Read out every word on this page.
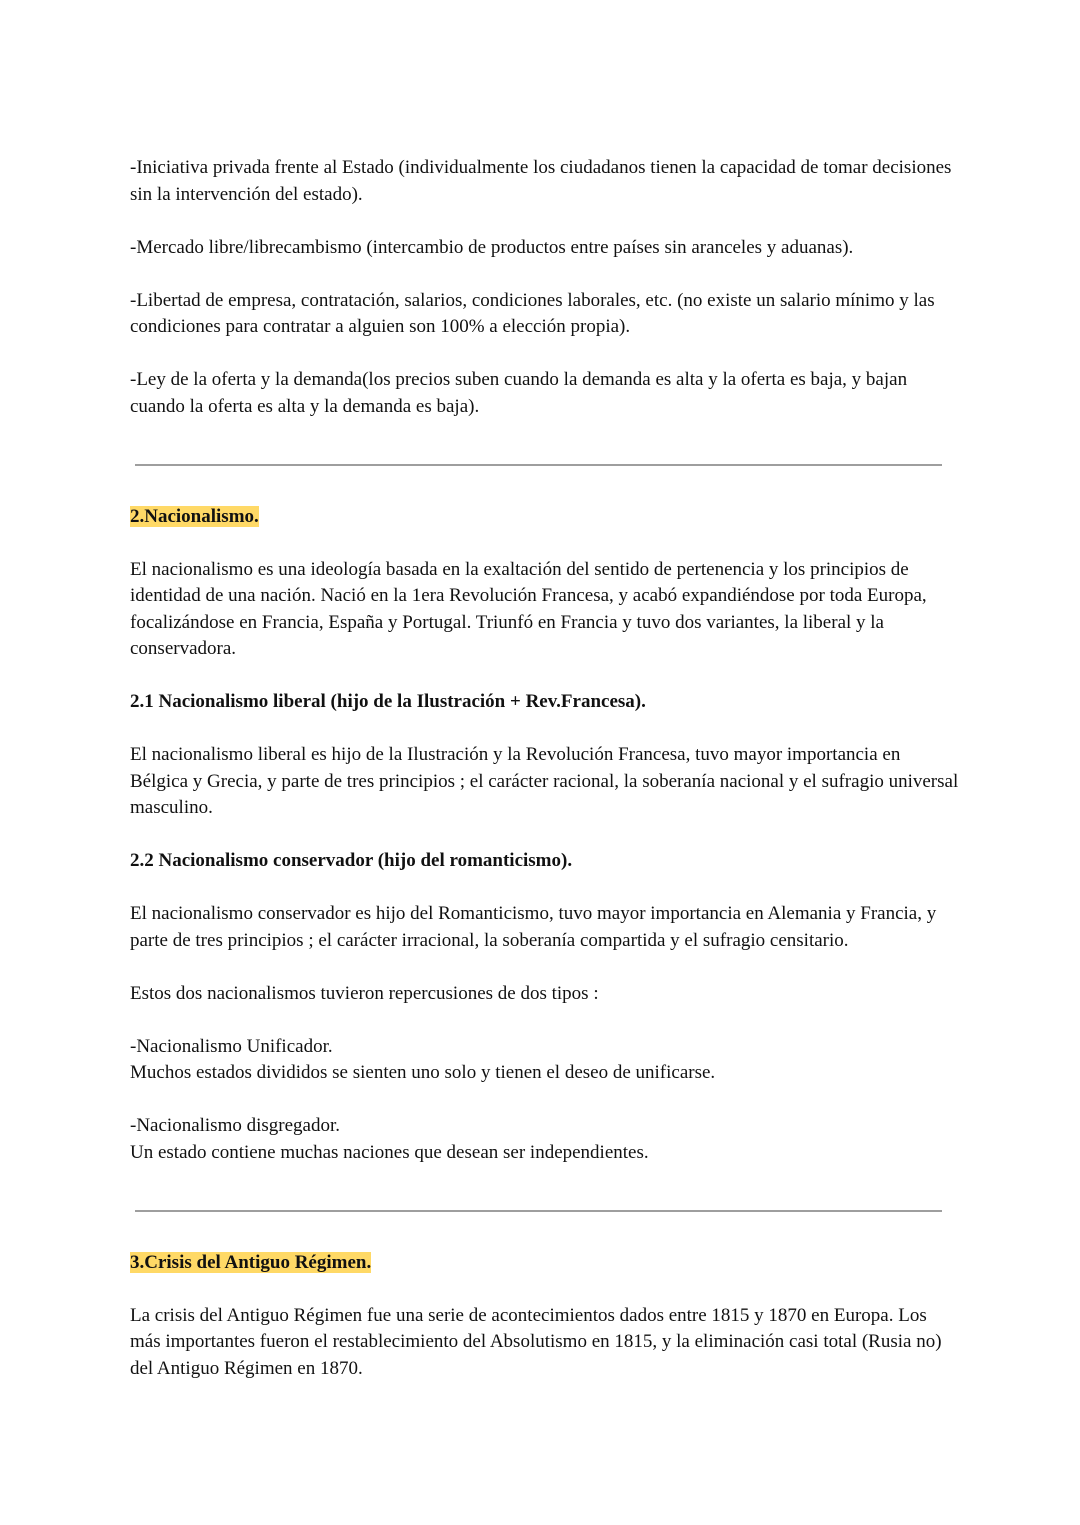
-Iniciativa privada frente al Estado (individualmente los ciudadanos tienen la capacidad de tomar decisiones sin la intervención del estado).

-Mercado libre/librecambismo (intercambio de productos entre países sin aranceles y aduanas).

-Libertad de empresa, contratación, salarios, condiciones laborales, etc. (no existe un salario mínimo y las condiciones para contratar a alguien son 100% a elección propia).

-Ley de la oferta y la demanda(los precios suben cuando la demanda es alta y la oferta es baja, y bajan cuando la oferta es alta y la demanda es baja).

2.Nacionalismo.

El nacionalismo es una ideología basada en la exaltación del sentido de pertenencia y los principios de identidad de una nación. Nació en la 1era Revolución Francesa, y acabó expandiéndose por toda Europa, focalizándose en Francia, España y Portugal. Triunfó en Francia y tuvo dos variantes, la liberal y la conservadora.

2.1 Nacionalismo liberal (hijo de la Ilustración + Rev.Francesa).

El nacionalismo liberal es hijo de la Ilustración y la Revolución Francesa, tuvo mayor importancia en Bélgica y Grecia, y parte de tres principios ; el carácter racional, la soberanía nacional y el sufragio universal masculino.

2.2 Nacionalismo conservador (hijo del romanticismo).

El nacionalismo conservador es hijo del Romanticismo, tuvo mayor importancia en Alemania y Francia, y parte de tres principios ; el carácter irracional, la soberanía compartida y el sufragio censitario.

Estos dos nacionalismos tuvieron repercusiones de dos tipos :

-Nacionalismo Unificador.

Muchos estados divididos se sienten uno solo y tienen el deseo de unificarse.

-Nacionalismo disgregador.

Un estado contiene muchas naciones que desean ser independientes.

3.Crisis del Antiguo Régimen.

La crisis del Antiguo Régimen fue una serie de acontecimientos dados entre 1815 y 1870 en Europa. Los más importantes fueron el restablecimiento del Absolutismo en 1815, y la eliminación casi total (Rusia no) del Antiguo Régimen en 1870.
